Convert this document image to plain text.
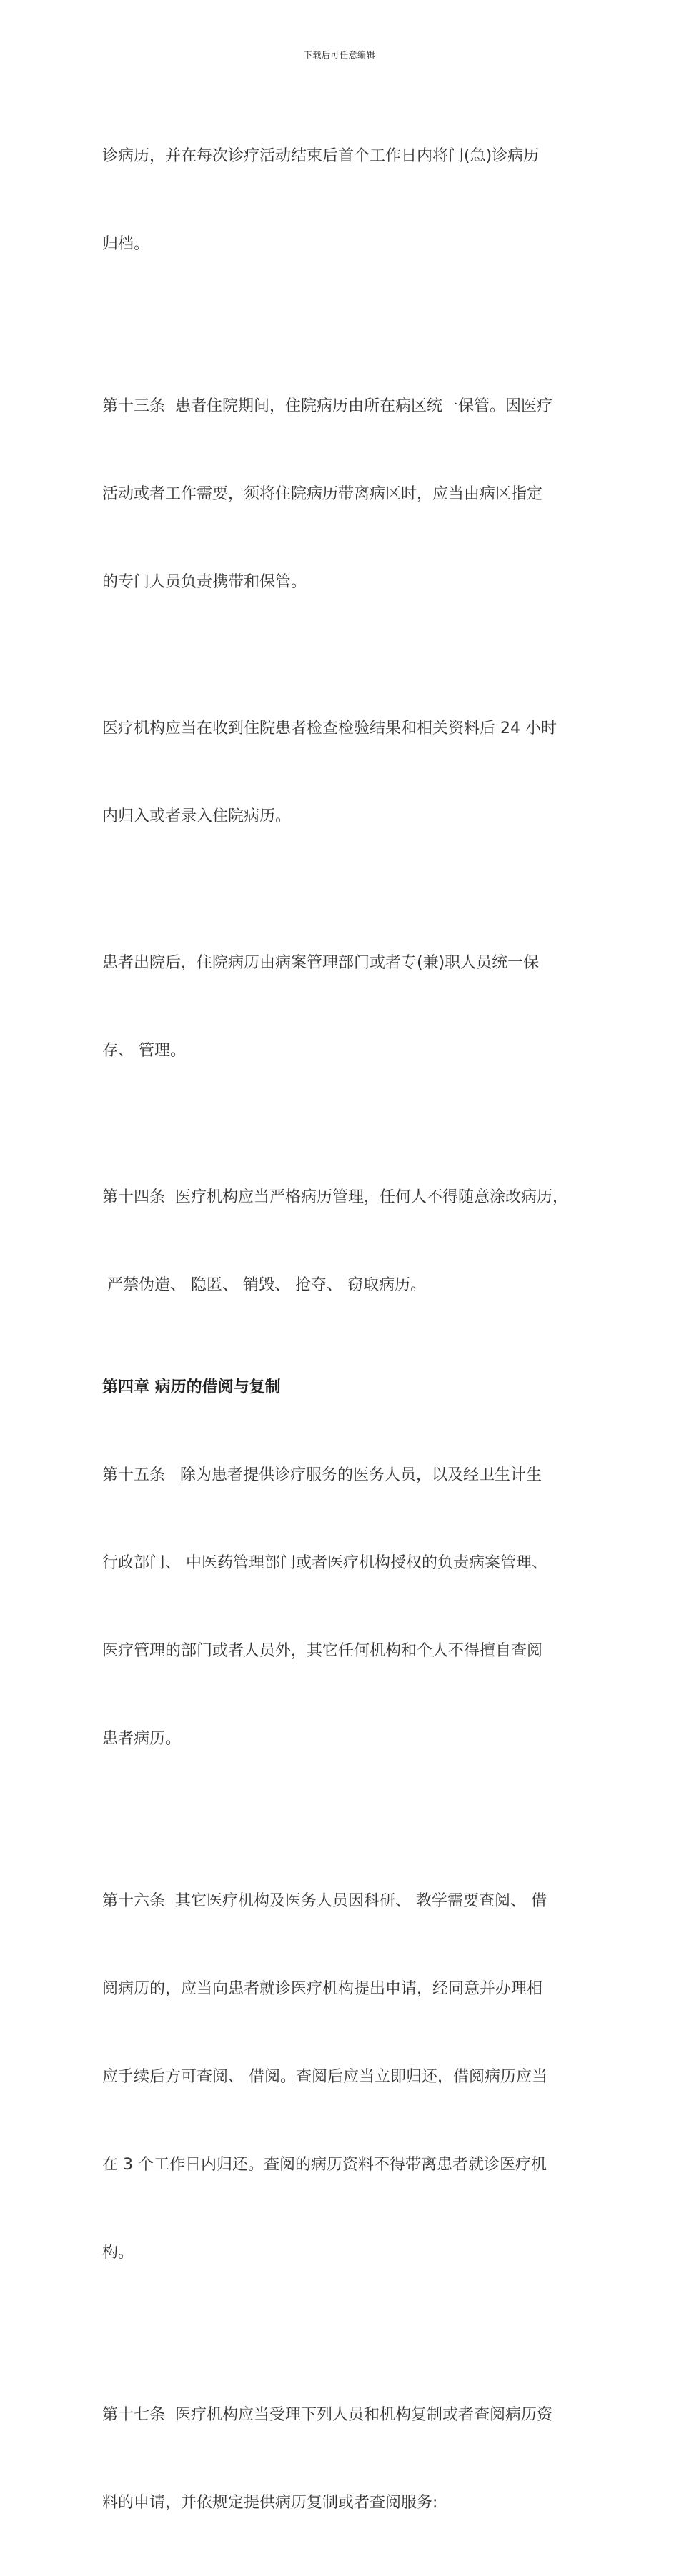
下载后可任意编辑

诊病历，并在每次诊疗活动结束后首个工作日内将门(急)诊病历

归档。

第十三条  患者住院期间，住院病历由所在病区统一保管。因医疗

活动或者工作需要，须将住院病历带离病区时，应当由病区指定

的专门人员负责携带和保管。

医疗机构应当在收到住院患者检查检验结果和相关资料后 24 小时

内归入或者录入住院病历。

患者出院后，住院病历由病案管理部门或者专(兼)职人员统一保

存、 管理。

第十四条  医疗机构应当严格病历管理，任何人不得随意涂改病历，

严禁伪造、 隐匿、 销毁、 抢夺、 窃取病历。

第四章 病历的借阅与复制

第十五条   除为患者提供诊疗服务的医务人员，以及经卫生计生

行政部门、 中医药管理部门或者医疗机构授权的负责病案管理、

医疗管理的部门或者人员外，其它任何机构和个人不得擅自查阅

患者病历。

第十六条  其它医疗机构及医务人员因科研、 教学需要查阅、 借

阅病历的，应当向患者就诊医疗机构提出申请，经同意并办理相

应手续后方可查阅、 借阅。查阅后应当立即归还，借阅病历应当

在 3 个工作日内归还。查阅的病历资料不得带离患者就诊医疗机

构。

第十七条  医疗机构应当受理下列人员和机构复制或者查阅病历资

料的申请，并依规定提供病历复制或者查阅服务:
